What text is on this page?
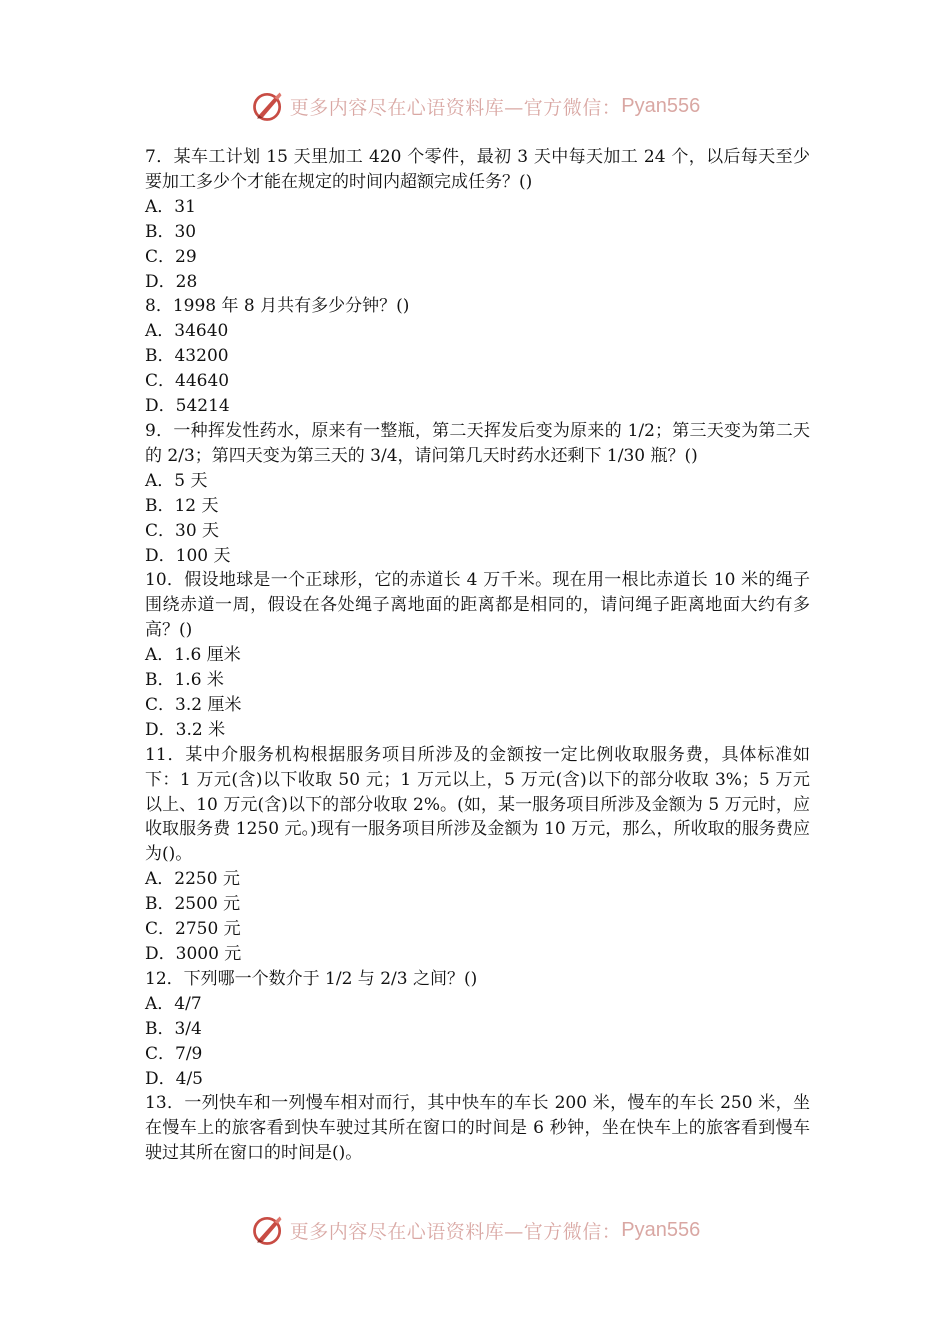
更多内容尽在心语资料库—官方微信： Pyan556
7．某车工计划 15 天里加工 420 个零件，最初 3 天中每天加工 24 个，以后每天至少要加工多少个才能在规定的时间内超额完成任务？()
A．31
B．30
C．29
D．28
8．1998 年 8 月共有多少分钟？()
A．34640
B．43200
C．44640
D．54214
9．一种挥发性药水，原来有一整瓶，第二天挥发后变为原来的 1/2；第三天变为第二天的 2/3；第四天变为第三天的 3/4，请问第几天时药水还剩下 1/30 瓶？()
A．5 天
B．12 天
C．30 天
D．100 天
10．假设地球是一个正球形，它的赤道长 4 万千米。现在用一根比赤道长 10 米的绳子围绕赤道一周，假设在各处绳子离地面的距离都是相同的，请问绳子距离地面大约有多高？()
A．1.6 厘米
B．1.6 米
C．3.2 厘米
D．3.2 米
11．某中介服务机构根据服务项目所涉及的金额按一定比例收取服务费，具体标准如下：1 万元(含)以下收取 50 元；1 万元以上，5 万元(含)以下的部分收取 3%；5 万元以上、10 万元(含)以下的部分收取 2%。(如，某一服务项目所涉及金额为 5 万元时，应收取服务费 1250 元。)现有一服务项目所涉及金额为 10 万元，那么，所收取的服务费应为()。
A．2250 元
B．2500 元
C．2750 元
D．3000 元
12．下列哪一个数介于 1/2 与 2/3 之间？()
A．4/7
B．3/4
C．7/9
D．4/5
13．一列快车和一列慢车相对而行，其中快车的车长 200 米，慢车的车长 250 米，坐在慢车上的旅客看到快车驶过其所在窗口的时间是 6 秒钟，坐在快车上的旅客看到慢车驶过其所在窗口的时间是()。
更多内容尽在心语资料库—官方微信： Pyan556
